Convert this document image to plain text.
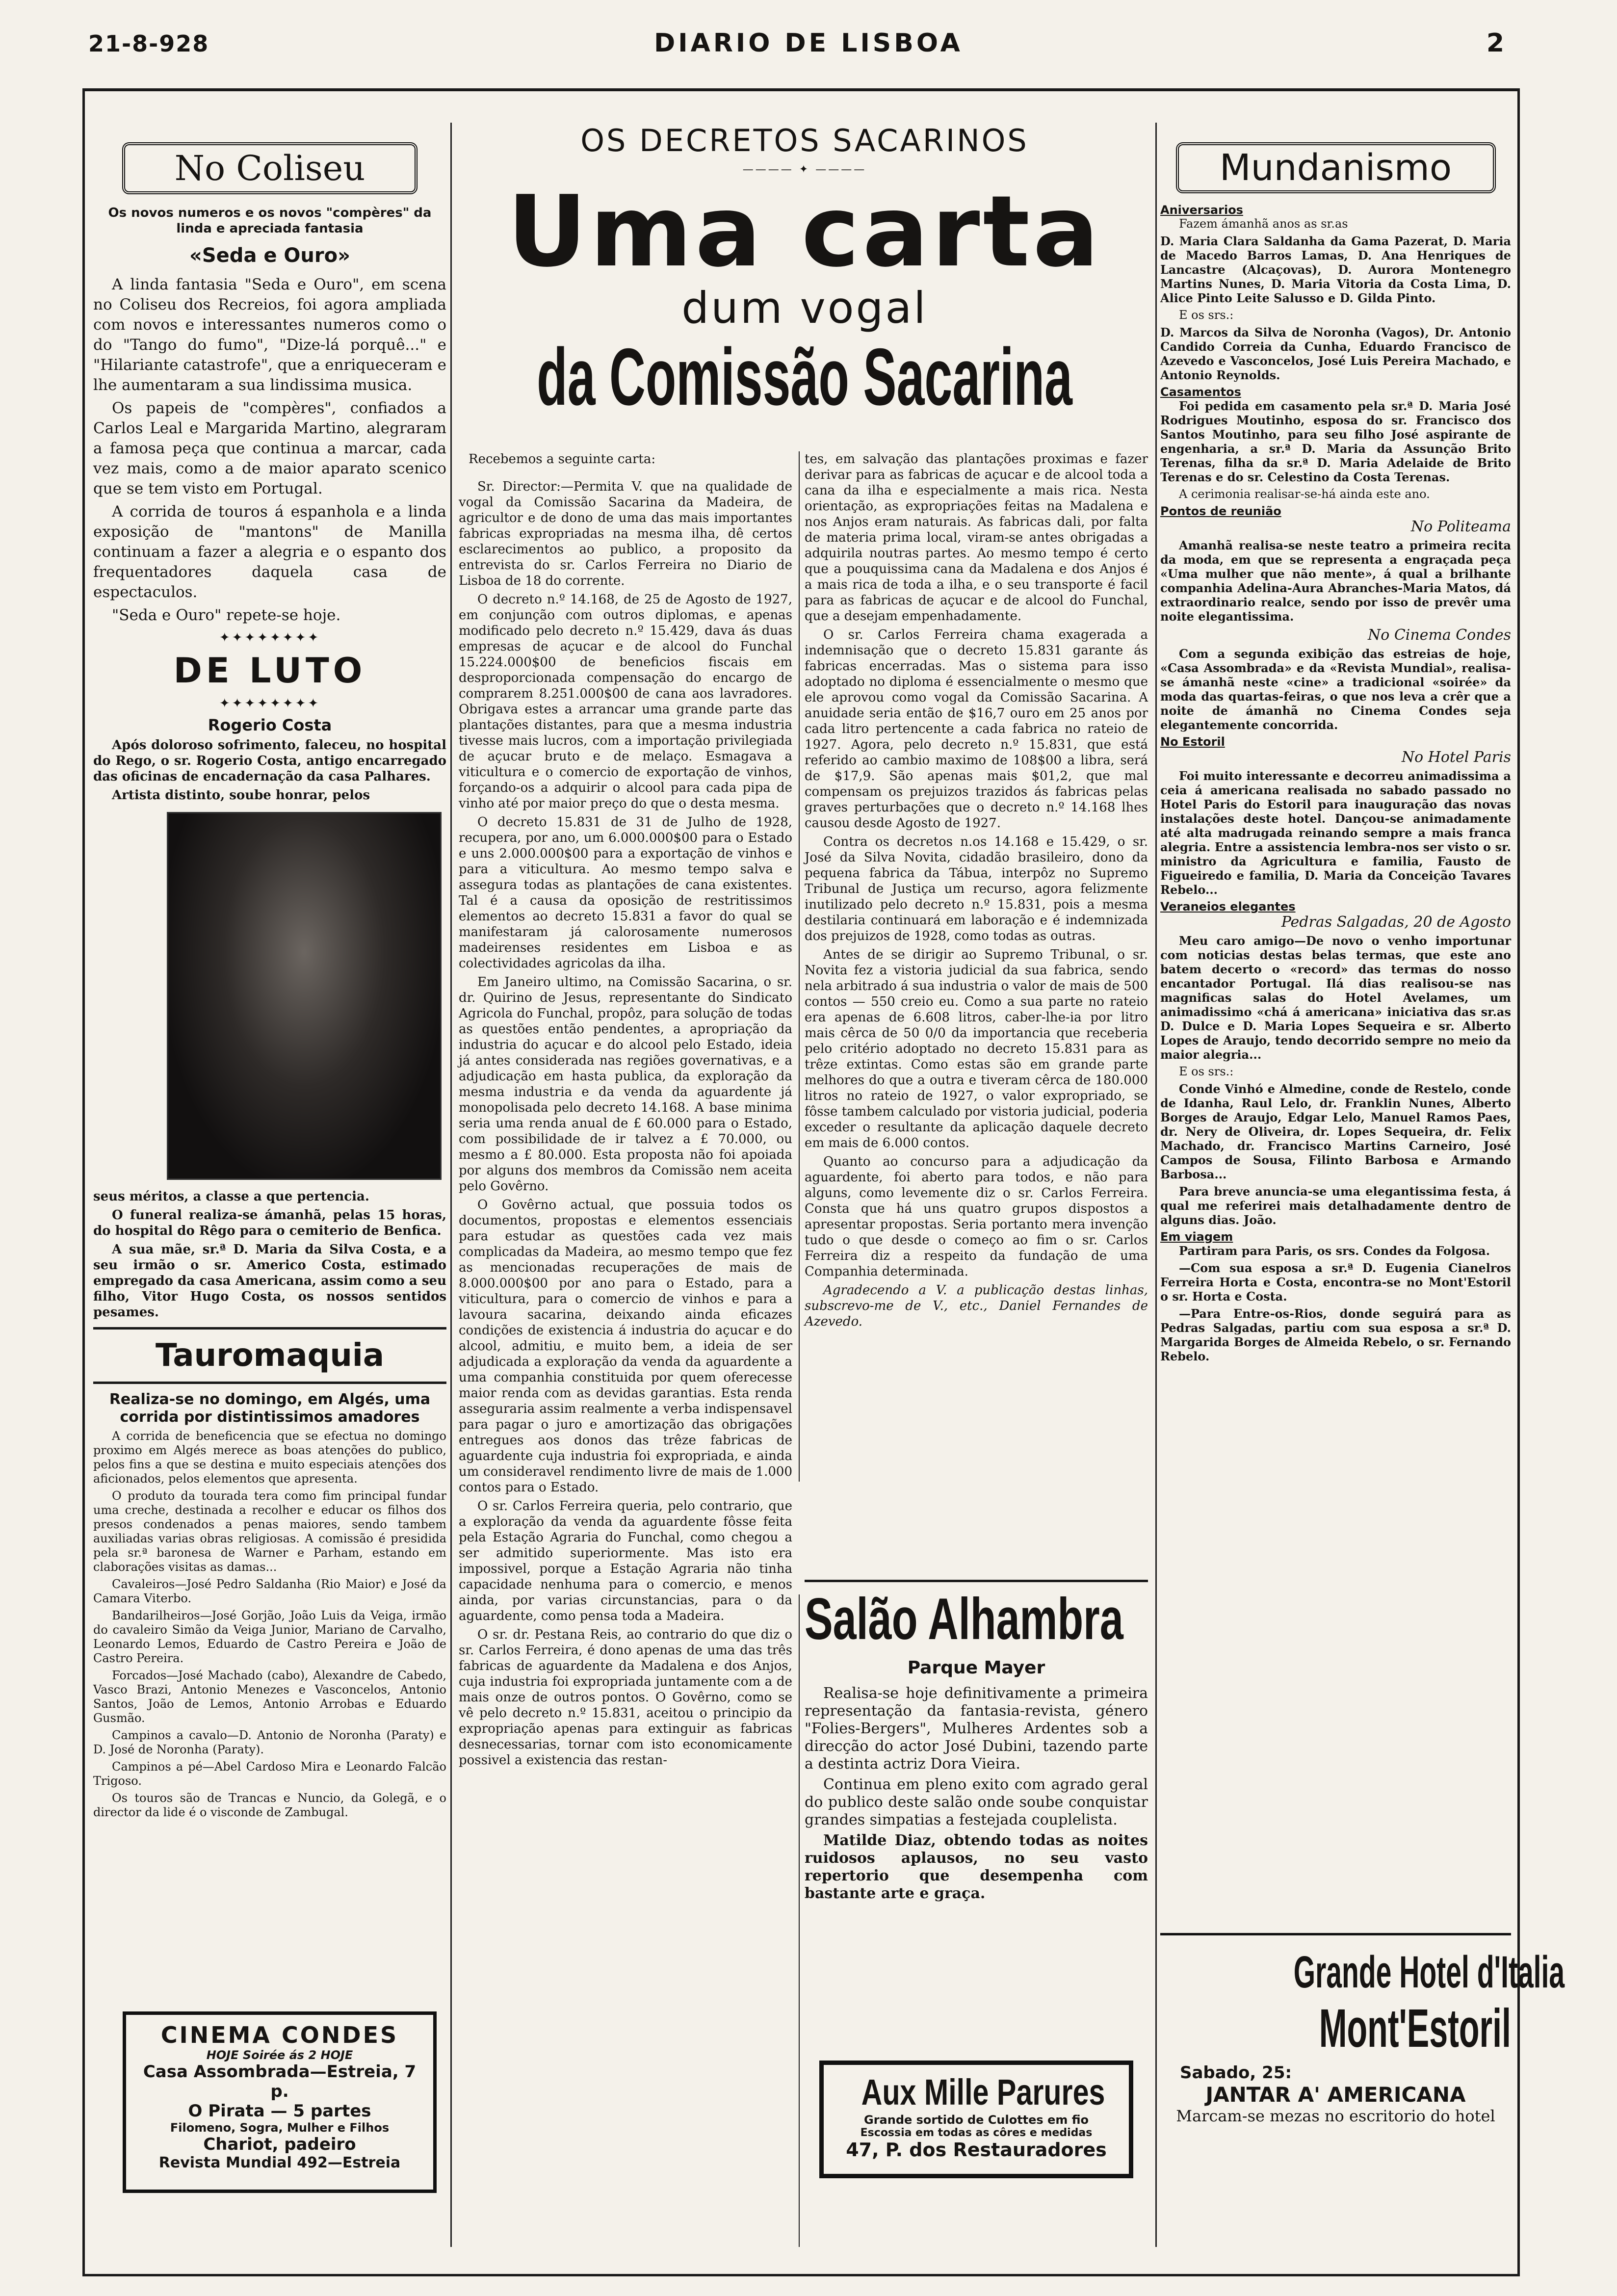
21-8-928	DIARIO DE LISBOA	2
No Coliseu

Os novos numeros e os novos "compères" da linda e apreciada fantasia

«Seda e Ouro»

A linda fantasia "Seda e Ouro", em scena no Coliseu dos Recreios, foi agora ampliada com novos e interessantes numeros como o do "Tango do fumo", "Dize-lá porquê..." e "Hilariante catastrofe", que a enriqueceram e lhe aumentaram a sua lindissima musica.

Os papeis de "compères", confiados a Carlos Leal e Margarida Martino, alegraram a famosa peça que continua a marcar, cada vez mais, como a de maior aparato scenico que se tem visto em Portugal.

A corrida de touros á espanhola e a linda exposição de "mantons" de Manilla continuam a fazer a alegria e o espanto dos frequentadores daquela casa de espectaculos.

"Seda e Ouro" repete-se hoje.

✦✦✦✦✦✦✦✦
DE LUTO
✦✦✦✦✦✦✦✦

Rogerio Costa

Após doloroso sofrimento, faleceu, no hospital do Rego, o sr. Rogerio Costa, antigo encarregado das oficinas de encadernação da casa Palhares.

Artista distinto, soube honrar, pelos

seus méritos, a classe a que pertencia.

O funeral realiza-se ámanhã, pelas 15 horas, do hospital do Rêgo para o cemiterio de Benfica.

A sua mãe, sr.ª D. Maria da Silva Costa, e a seu irmão o sr. Americo Costa, estimado empregado da casa Americana, assim como a seu filho, Vitor Hugo Costa, os nossos sentidos pesames.

Tauromaquia

Realiza-se no domingo, em Algés, uma corrida por distintissimos amadores

A corrida de beneficencia que se efectua no domingo proximo em Algés merece as boas atenções do publico, pelos fins a que se destina e muito especiais atenções dos aficionados, pelos elementos que apresenta.

O produto da tourada tera como fim principal fundar uma creche, destinada a recolher e educar os filhos dos presos condenados a penas maiores, sendo tambem auxiliadas varias obras religiosas. A comissão é presidida pela sr.ª baronesa de Warner e Parham, estando em claborações visitas as damas...

Cavaleiros—José Pedro Saldanha (Rio Maior) e José da Camara Viterbo.

Bandarilheiros—José Gorjão, João Luis da Veiga, irmão do cavaleiro Simão da Veiga Junior, Mariano de Carvalho, Leonardo Lemos, Eduardo de Castro Pereira e João de Castro Pereira.

Forcados—José Machado (cabo), Alexandre de Cabedo, Vasco Brazi, Antonio Menezes e Vasconcelos, Antonio Santos, João de Lemos, Antonio Arrobas e Eduardo Gusmão.

Campinos a cavalo—D. Antonio de Noronha (Paraty) e D. José de Noronha (Paraty).

Campinos a pé—Abel Cardoso Mira e Leonardo Falcão Trigoso.

Os touros são de Trancas e Nuncio, da Golegã, e o director da lide é o visconde de Zambugal.

CINEMA CONDES
HOJE Soirée ás 2 HOJE
Casa Assombrada—Estreia, 7 p.
O Pirata — 5 partes
Filomeno, Sogra, Mulher e Filhos
Chariot, padeiro
Revista Mundial 492—Estreia
OS DECRETOS SACARINOS
———— ✦ ————
Uma carta
dum vogal
da Comissão Sacarina

Recebemos a seguinte carta:

Sr. Director:—Permita V. que na qualidade de vogal da Comissão Sacarina da Madeira, de agricultor e de dono de uma das mais importantes fabricas expropriadas na mesma ilha, dê certos esclarecimentos ao publico, a proposito da entrevista do sr. Carlos Ferreira no Diario de Lisboa de 18 do corrente.

O decreto n.º 14.168, de 25 de Agosto de 1927, em conjunção com outros diplomas, e apenas modificado pelo decreto n.º 15.429, dava ás duas empresas de açucar e de alcool do Funchal 15.224.000$00 de beneficios fiscais em desproporcionada compensação do encargo de comprarem 8.251.000$00 de cana aos lavradores. Obrigava estes a arrancar uma grande parte das plantações distantes, para que a mesma industria tivesse mais lucros, com a importação privilegiada de açucar bruto e de melaço. Esmagava a viticultura e o comercio de exportação de vinhos, forçando-os a adquirir o alcool para cada pipa de vinho até por maior preço do que o desta mesma.

O decreto 15.831 de 31 de Julho de 1928, recupera, por ano, um 6.000.000$00 para o Estado e uns 2.000.000$00 para a exportação de vinhos e para a viticultura. Ao mesmo tempo salva e assegura todas as plantações de cana existentes. Tal é a causa da oposição de restritissimos elementos ao decreto 15.831 a favor do qual se manifestaram já calorosamente numerosos madeirenses residentes em Lisboa e as colectividades agricolas da ilha.

Em Janeiro ultimo, na Comissão Sacarina, o sr. dr. Quirino de Jesus, representante do Sindicato Agricola do Funchal, propôz, para solução de todas as questões então pendentes, a apropriação da industria do açucar e do alcool pelo Estado, ideia já antes considerada nas regiões governativas, e a adjudicação em hasta publica, da exploração da mesma industria e da venda da aguardente já monopolisada pelo decreto 14.168. A base minima seria uma renda anual de £ 60.000 para o Estado, com possibilidade de ir talvez a £ 70.000, ou mesmo a £ 80.000. Esta proposta não foi apoiada por alguns dos membros da Comissão nem aceita pelo Govêrno.

O Govêrno actual, que possuia todos os documentos, propostas e elementos essenciais para estudar as questões cada vez mais complicadas da Madeira, ao mesmo tempo que fez as mencionadas recuperações de mais de 8.000.000$00 por ano para o Estado, para a viticultura, para o comercio de vinhos e para a lavoura sacarina, deixando ainda eficazes condições de existencia á industria do açucar e do alcool, admitiu, e muito bem, a ideia de ser adjudicada a exploração da venda da aguardente a uma companhia constituida por quem oferecesse maior renda com as devidas garantias. Esta renda asseguraria assim realmente a verba indispensavel para pagar o juro e amortização das obrigações entregues aos donos das trêze fabricas de aguardente cuja industria foi expropriada, e ainda um consideravel rendimento livre de mais de 1.000 contos para o Estado.

O sr. Carlos Ferreira queria, pelo contrario, que a exploração da venda da aguardente fôsse feita pela Estação Agraria do Funchal, como chegou a ser admitido superiormente. Mas isto era impossivel, porque a Estação Agraria não tinha capacidade nenhuma para o comercio, e menos ainda, por varias circunstancias, para o da aguardente, como pensa toda a Madeira.

O sr. dr. Pestana Reis, ao contrario do que diz o sr. Carlos Ferreira, é dono apenas de uma das três fabricas de aguardente da Madalena e dos Anjos, cuja industria foi expropriada juntamente com a de mais onze de outros pontos. O Govêrno, como se vê pelo decreto n.º 15.831, aceitou o principio da expropriação apenas para extinguir as fabricas desnecessarias, tornar com isto economicamente possivel a existencia das restan-

tes, em salvação das plantações proximas e fazer derivar para as fabricas de açucar e de alcool toda a cana da ilha e especialmente a mais rica. Nesta orientação, as expropriações feitas na Madalena e nos Anjos eram naturais. As fabricas dali, por falta de materia prima local, viram-se antes obrigadas a adquirila noutras partes. Ao mesmo tempo é certo que a pouquissima cana da Madalena e dos Anjos é a mais rica de toda a ilha, e o seu transporte é facil para as fabricas de açucar e de alcool do Funchal, que a desejam empenhadamente.

O sr. Carlos Ferreira chama exagerada a indemnisação que o decreto 15.831 garante ás fabricas encerradas. Mas o sistema para isso adoptado no diploma é essencialmente o mesmo que ele aprovou como vogal da Comissão Sacarina. A anuidade seria então de $16,7 ouro em 25 anos por cada litro pertencente a cada fabrica no rateio de 1927. Agora, pelo decreto n.º 15.831, que está referido ao cambio maximo de 108$00 a libra, será de $17,9. São apenas mais $01,2, que mal compensam os prejuizos trazidos ás fabricas pelas graves perturbações que o decreto n.º 14.168 lhes causou desde Agosto de 1927.

Contra os decretos n.os 14.168 e 15.429, o sr. José da Silva Novita, cidadão brasileiro, dono da pequena fabrica da Tábua, interpôz no Supremo Tribunal de Justiça um recurso, agora felizmente inutilizado pelo decreto n.º 15.831, pois a mesma destilaria continuará em laboração e é indemnizada dos prejuizos de 1928, como todas as outras.

Antes de se dirigir ao Supremo Tribunal, o sr. Novita fez a vistoria judicial da sua fabrica, sendo nela arbitrado á sua industria o valor de mais de 500 contos — 550 creio eu. Como a sua parte no rateio era apenas de 6.608 litros, caber-lhe-ia por litro mais cêrca de 50 0/0 da importancia que receberia pelo critério adoptado no decreto 15.831 para as trêze extintas. Como estas são em grande parte melhores do que a outra e tiveram cêrca de 180.000 litros no rateio de 1927, o valor expropriado, se fôsse tambem calculado por vistoria judicial, poderia exceder o resultante da aplicação daquele decreto em mais de 6.000 contos.

Quanto ao concurso para a adjudicação da aguardente, foi aberto para todos, e não para alguns, como levemente diz o sr. Carlos Ferreira. Consta que há uns quatro grupos dispostos a apresentar propostas. Seria portanto mera invenção tudo o que desde o começo ao fim o sr. Carlos Ferreira diz a respeito da fundação de uma Companhia determinada.

Agradecendo a V. a publicação destas linhas, subscrevo-me de V., etc., Daniel Fernandes de Azevedo.

Salão Alhambra
Parque Mayer

Realisa-se hoje definitivamente a primeira representação da fantasia-revista, género "Folies-Bergers", Mulheres Ardentes sob a direcção do actor José Dubini, tazendo parte a destinta actriz Dora Vieira.

Continua em pleno exito com agrado geral do publico deste salão onde soube conquistar grandes simpatias a festejada couplelista.

Matilde Diaz, obtendo todas as noites ruidosos aplausos, no seu vasto repertorio que desempenha com bastante arte e graça.

Aux Mille Parures
Grande sortido de Culottes em fio
Escossia em todas as côres e medidas
47, P. dos Restauradores
Mundanismo
Aniversarios

Fazem ámanhã anos as sr.as

D. Maria Clara Saldanha da Gama Pazerat, D. Maria de Macedo Barros Lamas, D. Ana Henriques de Lancastre (Alcaçovas), D. Aurora Montenegro Martins Nunes, D. Maria Vitoria da Costa Lima, D. Alice Pinto Leite Salusso e D. Gilda Pinto.

E os srs.:

D. Marcos da Silva de Noronha (Vagos), Dr. Antonio Candido Correia da Cunha, Eduardo Francisco de Azevedo e Vasconcelos, José Luis Pereira Machado, e Antonio Reynolds.

Casamentos

Foi pedida em casamento pela sr.ª D. Maria José Rodrigues Moutinho, esposa do sr. Francisco dos Santos Moutinho, para seu filho José aspirante de engenharia, a sr.ª D. Maria da Assunção Brito Terenas, filha da sr.ª D. Maria Adelaide de Brito Terenas e do sr. Celestino da Costa Terenas.

A cerimonia realisar-se-há ainda este ano.

Pontos de reunião

No Politeama

Amanhã realisa-se neste teatro a primeira recita da moda, em que se representa a engraçada peça «Uma mulher que não mente», á qual a brilhante companhia Adelina-Aura Abranches-Maria Matos, dá extraordinario realce, sendo por isso de prevêr uma noite elegantissima.

No Cinema Condes

Com a segunda exibição das estreias de hoje, «Casa Assombrada» e da «Revista Mundial», realisa-se ámanhã neste «cine» a tradicional «soirée» da moda das quartas-feiras, o que nos leva a crêr que a noite de ámanhã no Cinema Condes seja elegantemente concorrida.

No Estoril

No Hotel Paris

Foi muito interessante e decorreu animadissima a ceia á americana realisada no sabado passado no Hotel Paris do Estoril para inauguração das novas instalações deste hotel. Dançou-se animadamente até alta madrugada reinando sempre a mais franca alegria. Entre a assistencia lembra-nos ser visto o sr. ministro da Agricultura e familia, Fausto de Figueiredo e familia, D. Maria da Conceição Tavares Rebelo...

Veraneios elegantes

Pedras Salgadas, 20 de Agosto

Meu caro amigo—De novo o venho importunar com noticias destas belas termas, que este ano batem decerto o «record» das termas do nosso encantador Portugal. Ilá dias realisou-se nas magnificas salas do Hotel Avelames, um animadissimo «chá á americana» iniciativa das sr.as D. Dulce e D. Maria Lopes Sequeira e sr. Alberto Lopes de Araujo, tendo decorrido sempre no meio da maior alegria...

E os srs.:

Conde Vinhó e Almedine, conde de Restelo, conde de Idanha, Raul Lelo, dr. Franklin Nunes, Alberto Borges de Araujo, Edgar Lelo, Manuel Ramos Paes, dr. Nery de Oliveira, dr. Lopes Sequeira, dr. Felix Machado, dr. Francisco Martins Carneiro, José Campos de Sousa, Filinto Barbosa e Armando Barbosa...

Para breve anuncia-se uma elegantissima festa, á qual me referirei mais detalhadamente dentro de alguns dias. João.

Em viagem

Partiram para Paris, os srs. Condes da Folgosa.

—Com sua esposa a sr.ª D. Eugenia Cianelros Ferreira Horta e Costa, encontra-se no Mont'Estoril o sr. Horta e Costa.

—Para Entre-os-Rios, donde seguirá para as Pedras Salgadas, partiu com sua esposa a sr.ª D. Margarida Borges de Almeida Rebelo, o sr. Fernando Rebelo.

Grande Hotel d'Italia
Mont'Estoril
Sabado, 25:
JANTAR A' AMERICANA
Marcam-se mezas no escritorio do hotel
